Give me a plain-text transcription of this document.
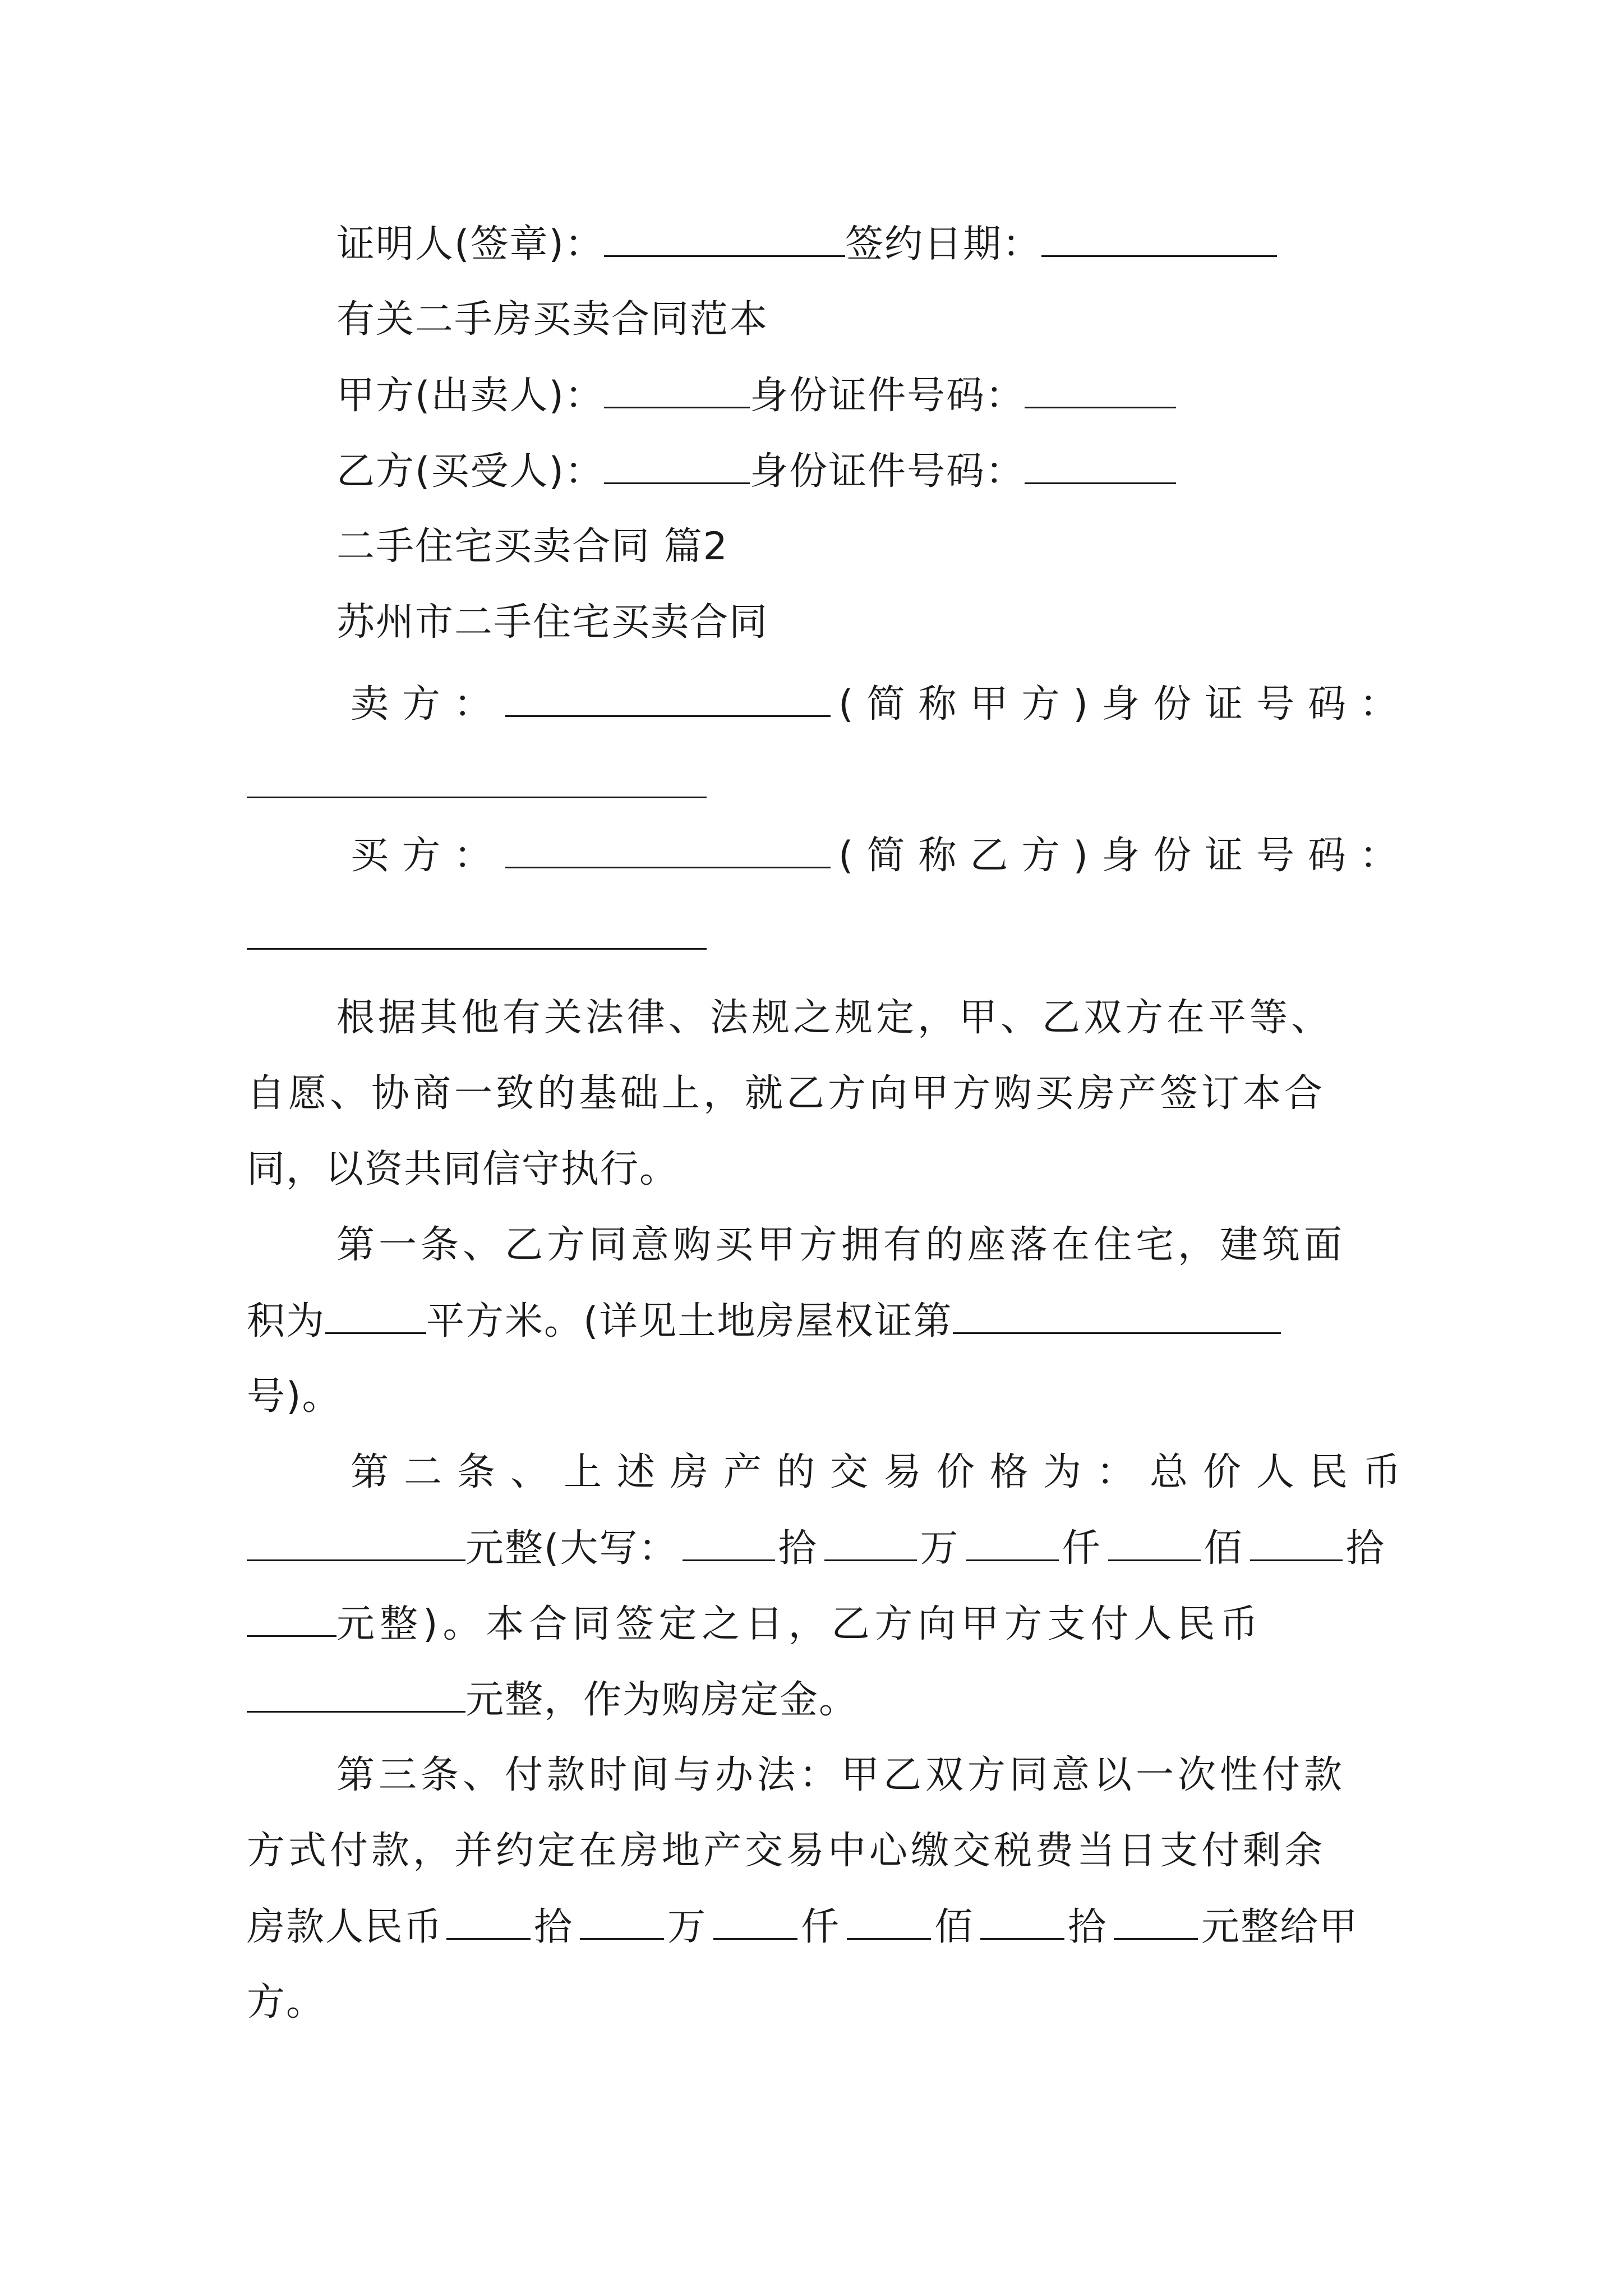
证明人(签章)：	签约日期：
有关二手房买卖合同范本
甲方(出卖人)：	身份证件号码：
乙方(买受人)：	身份证件号码：
二手住宅买卖合同 篇2
苏州市二手住宅买卖合同
卖方：	(简称甲方)身份证号码：
买方：	(简称乙方)身份证号码：
根据其他有关法律、法规之规定，甲、乙双方在平等、
自愿、协商一致的基础上，就乙方向甲方购买房产签订本合
同，以资共同信守执行。
第一条、乙方同意购买甲方拥有的座落在住宅，建筑面
积为	平方米。(详见土地房屋权证第
号)。
第二条、上述房产的交易价格为：总价人民币
元整(大写：	拾	万	仟	佰	拾
元整)。本合同签定之日，乙方向甲方支付人民币
元整，作为购房定金。
第三条、付款时间与办法：甲乙双方同意以一次性付款
方式付款，并约定在房地产交易中心缴交税费当日支付剩余
房款人民币 拾 万 仟 佰 拾 元整给甲
方。
